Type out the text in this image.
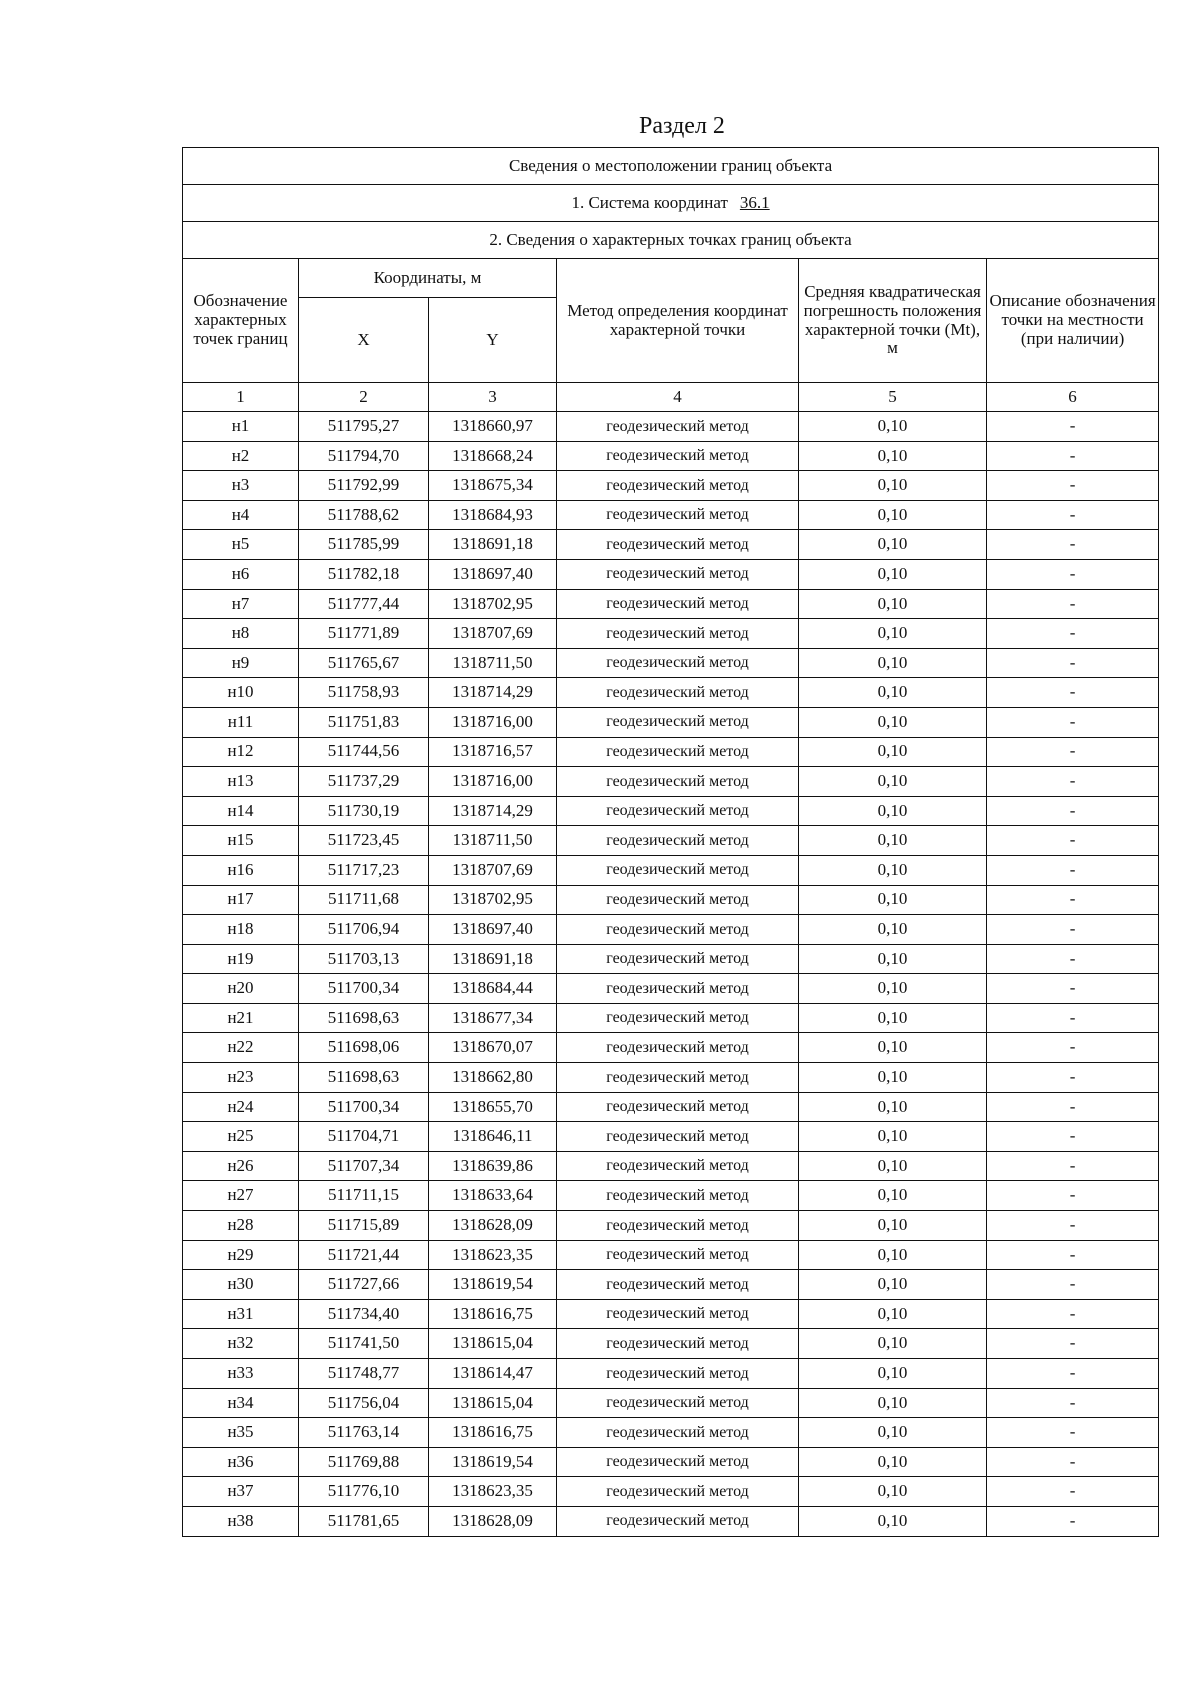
Раздел 2
Сведения о местоположении границ объекта					
1. Система координат 36.1					
2. Сведения о характерных точках границ объекта					
Обозначение характерных точек границ	Координаты, м		Метод определения координат характерной точки	Средняя квадратическая погрешность положения характерной точки (Mt), м	Описание обозначения точки на местности (при наличии)
	X	Y			
1	2	3	4	5	6
н1	511795,27	1318660,97	геодезический метод	0,10	-
н2	511794,70	1318668,24	геодезический метод	0,10	-
н3	511792,99	1318675,34	геодезический метод	0,10	-
н4	511788,62	1318684,93	геодезический метод	0,10	-
н5	511785,99	1318691,18	геодезический метод	0,10	-
н6	511782,18	1318697,40	геодезический метод	0,10	-
н7	511777,44	1318702,95	геодезический метод	0,10	-
н8	511771,89	1318707,69	геодезический метод	0,10	-
н9	511765,67	1318711,50	геодезический метод	0,10	-
н10	511758,93	1318714,29	геодезический метод	0,10	-
н11	511751,83	1318716,00	геодезический метод	0,10	-
н12	511744,56	1318716,57	геодезический метод	0,10	-
н13	511737,29	1318716,00	геодезический метод	0,10	-
н14	511730,19	1318714,29	геодезический метод	0,10	-
н15	511723,45	1318711,50	геодезический метод	0,10	-
н16	511717,23	1318707,69	геодезический метод	0,10	-
н17	511711,68	1318702,95	геодезический метод	0,10	-
н18	511706,94	1318697,40	геодезический метод	0,10	-
н19	511703,13	1318691,18	геодезический метод	0,10	-
н20	511700,34	1318684,44	геодезический метод	0,10	-
н21	511698,63	1318677,34	геодезический метод	0,10	-
н22	511698,06	1318670,07	геодезический метод	0,10	-
н23	511698,63	1318662,80	геодезический метод	0,10	-
н24	511700,34	1318655,70	геодезический метод	0,10	-
н25	511704,71	1318646,11	геодезический метод	0,10	-
н26	511707,34	1318639,86	геодезический метод	0,10	-
н27	511711,15	1318633,64	геодезический метод	0,10	-
н28	511715,89	1318628,09	геодезический метод	0,10	-
н29	511721,44	1318623,35	геодезический метод	0,10	-
н30	511727,66	1318619,54	геодезический метод	0,10	-
н31	511734,40	1318616,75	геодезический метод	0,10	-
н32	511741,50	1318615,04	геодезический метод	0,10	-
н33	511748,77	1318614,47	геодезический метод	0,10	-
н34	511756,04	1318615,04	геодезический метод	0,10	-
н35	511763,14	1318616,75	геодезический метод	0,10	-
н36	511769,88	1318619,54	геодезический метод	0,10	-
н37	511776,10	1318623,35	геодезический метод	0,10	-
н38	511781,65	1318628,09	геодезический метод	0,10	-
